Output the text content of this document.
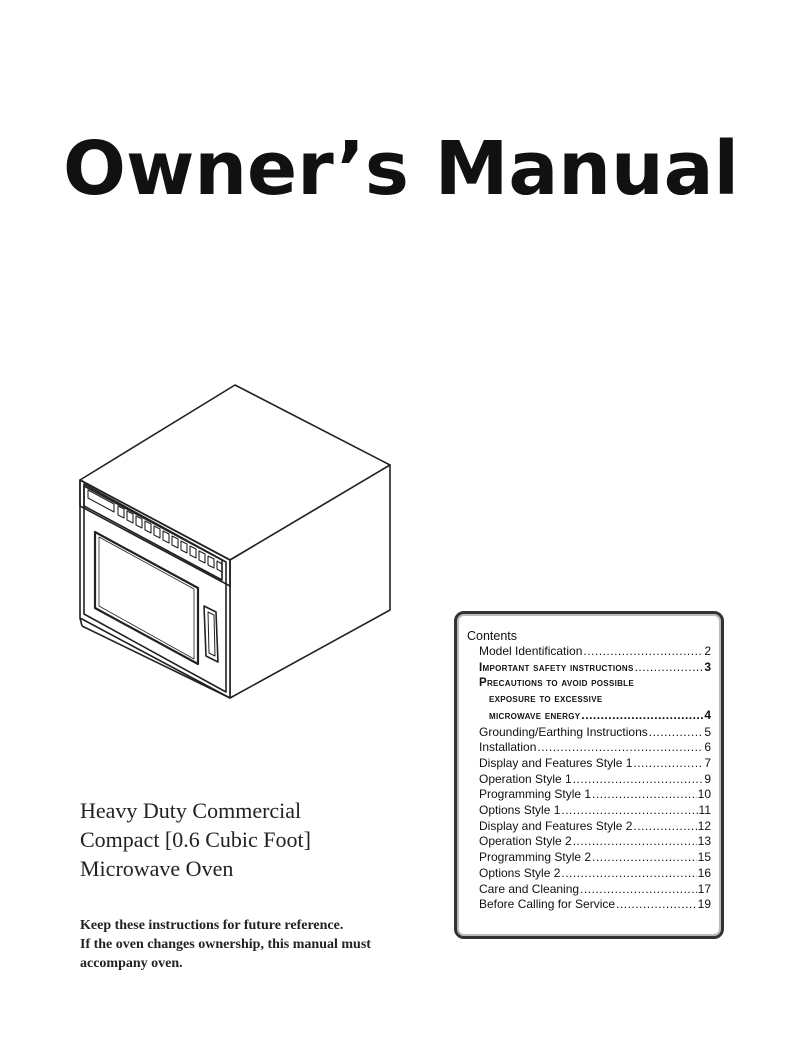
Owner’s Manual
Heavy Duty Commercial
Compact [0.6 Cubic Foot]
Microwave Oven
Keep these instructions for future reference.
If the oven changes ownership, this manual must
accompany oven.
Contents
Model Identification .....	2
Important safety instructions .....	3
Precautions to avoid possible
exposure to excessive
microwave energy .....	4
Grounding/Earthing Instructions .....	5
Installation .....	6
Display and Features Style 1 .....	7
Operation Style 1 .....	9
Programming Style 1 .....	10
Options Style 1 .....	11
Display and Features Style 2 .....	12
Operation Style 2 .....	13
Programming Style 2 .....	15
Options Style 2 .....	16
Care and Cleaning .....	17
Before Calling for Service .....	19
